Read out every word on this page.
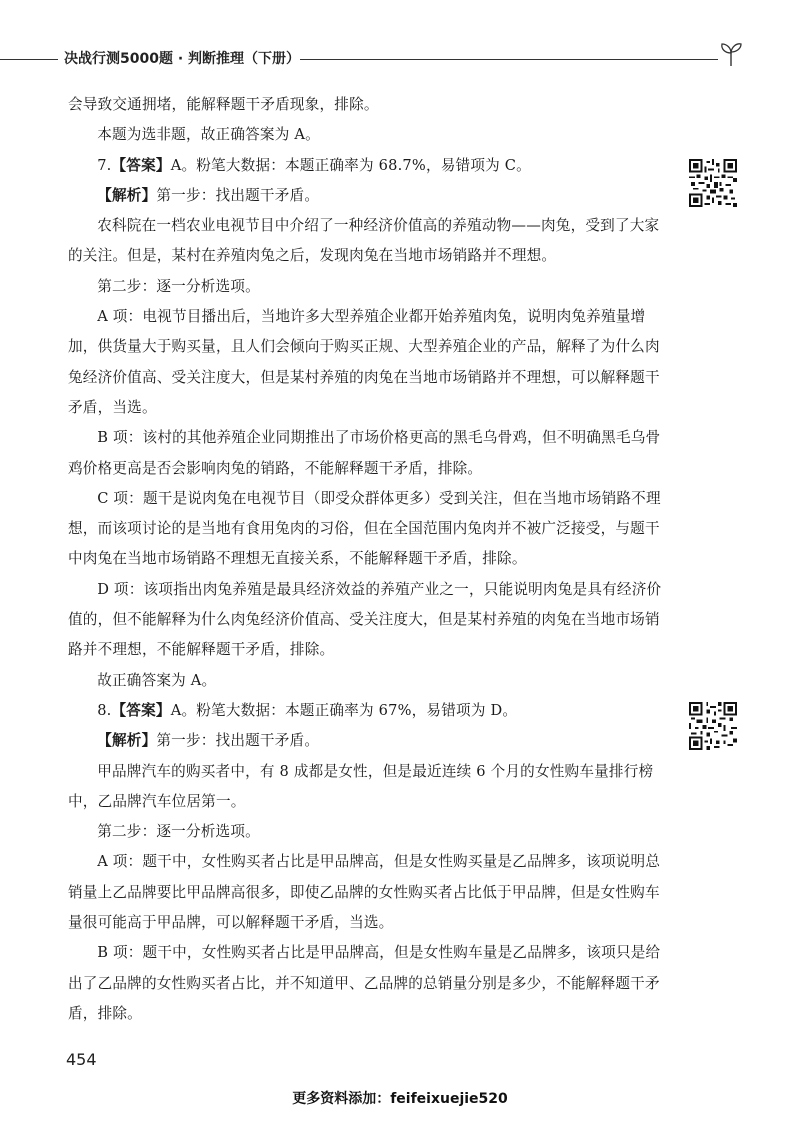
决战行测5000题 · 判断推理（下册）

会导致交通拥堵，能解释题干矛盾现象，排除。

本题为选非题，故正确答案为 A。

7.【答案】A。粉笔大数据：本题正确率为 68.7%，易错项为 C。

【解析】第一步：找出题干矛盾。

农科院在一档农业电视节目中介绍了一种经济价值高的养殖动物——肉兔，受到了大家的关注。但是，某村在养殖肉兔之后，发现肉兔在当地市场销路并不理想。

第二步：逐一分析选项。

A 项：电视节目播出后，当地许多大型养殖企业都开始养殖肉兔，说明肉兔养殖量增加，供货量大于购买量，且人们会倾向于购买正规、大型养殖企业的产品，解释了为什么肉兔经济价值高、受关注度大，但是某村养殖的肉兔在当地市场销路并不理想，可以解释题干矛盾，当选。

B 项：该村的其他养殖企业同期推出了市场价格更高的黑毛乌骨鸡，但不明确黑毛乌骨鸡价格更高是否会影响肉兔的销路，不能解释题干矛盾，排除。

C 项：题干是说肉兔在电视节目（即受众群体更多）受到关注，但在当地市场销路不理想，而该项讨论的是当地有食用兔肉的习俗，但在全国范围内兔肉并不被广泛接受，与题干中肉兔在当地市场销路不理想无直接关系，不能解释题干矛盾，排除。

D 项：该项指出肉兔养殖是最具经济效益的养殖产业之一，只能说明肉兔是具有经济价值的，但不能解释为什么肉兔经济价值高、受关注度大，但是某村养殖的肉兔在当地市场销路并不理想，不能解释题干矛盾，排除。

故正确答案为 A。

8.【答案】A。粉笔大数据：本题正确率为 67%，易错项为 D。

【解析】第一步：找出题干矛盾。

甲品牌汽车的购买者中，有 8 成都是女性，但是最近连续 6 个月的女性购车量排行榜中，乙品牌汽车位居第一。

第二步：逐一分析选项。

A 项：题干中，女性购买者占比是甲品牌高，但是女性购买量是乙品牌多，该项说明总销量上乙品牌要比甲品牌高很多，即使乙品牌的女性购买者占比低于甲品牌，但是女性购车量很可能高于甲品牌，可以解释题干矛盾，当选。

B 项：题干中，女性购买者占比是甲品牌高，但是女性购车量是乙品牌多，该项只是给出了乙品牌的女性购买者占比，并不知道甲、乙品牌的总销量分别是多少，不能解释题干矛盾，排除。

454
更多资料添加：feifeixuejie520
